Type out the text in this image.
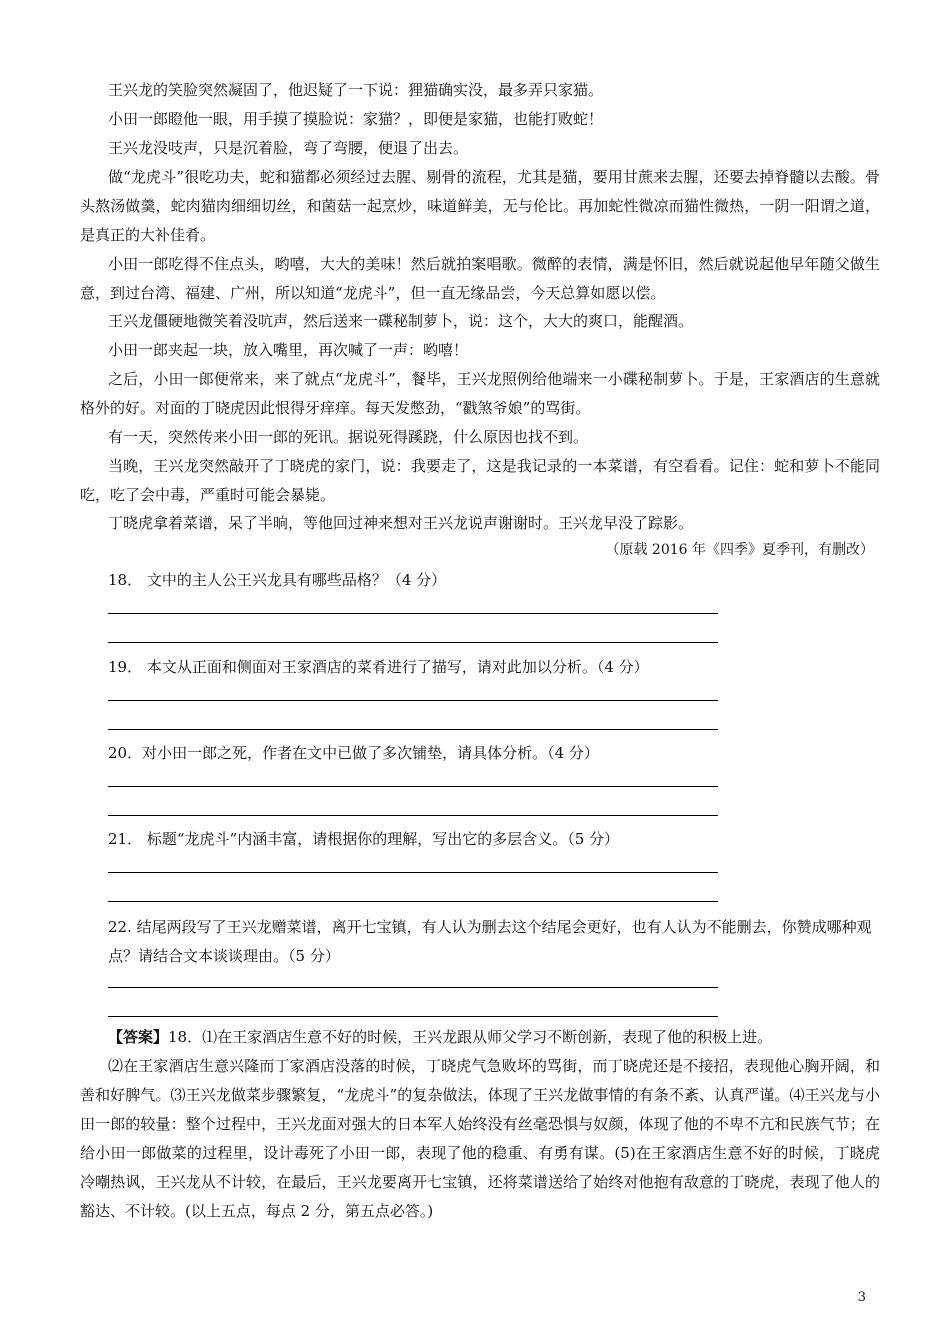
王兴龙的笑脸突然凝固了，他迟疑了一下说：狸猫确实没，最多弄只家猫。
小田一郎瞪他一眼，用手摸了摸脸说：家猫？，即便是家猫，也能打败蛇！
王兴龙没吱声，只是沉着脸，弯了弯腰，便退了出去。
做“龙虎斗”很吃功夫，蛇和猫都必须经过去腥、剔骨的流程，尤其是猫，要用甘蔗来去腥，还要去掉脊髓以去酸。骨头熬汤做羹，蛇肉猫肉细细切丝，和菌菇一起烹炒，味道鲜美，无与伦比。再加蛇性微凉而猫性微热，一阴一阳谓之道，是真正的大补佳肴。
小田一郎吃得不住点头，哟嘻，大大的美味！然后就拍案唱歌。微醉的表情，满是怀旧，然后就说起他早年随父做生意，到过台湾、福建、广州，所以知道“龙虎斗”，但一直无缘品尝，今天总算如愿以偿。
王兴龙僵硬地微笑着没吭声，然后送来一碟秘制萝卜，说：这个，大大的爽口，能醒酒。
小田一郎夹起一块，放入嘴里，再次喊了一声：哟嘻！
之后，小田一郎便常来，来了就点“龙虎斗”，餐毕，王兴龙照例给他端来一小碟秘制萝卜。于是，王家酒店的生意就格外的好。对面的丁晓虎因此恨得牙痒痒。每天发憋劲，“戳煞爷娘”的骂街。
有一天，突然传来小田一郎的死讯。据说死得蹊跷，什么原因也找不到。
当晚，王兴龙突然敲开了丁晓虎的家门，说：我要走了，这是我记录的一本菜谱，有空看看。记住：蛇和萝卜不能同吃，吃了会中毒，严重时可能会暴毙。
丁晓虎拿着菜谱，呆了半晌，等他回过神来想对王兴龙说声谢谢时。王兴龙早没了踪影。
（原载 2016 年《四季》夏季刊，有删改）
18． 文中的主人公王兴龙具有哪些品格？（4 分）
19． 本文从正面和侧面对王家酒店的菜肴进行了描写，请对此加以分析。（4 分）
20．对小田一郎之死，作者在文中已做了多次铺垫，请具体分析。（4 分）
21． 标题“龙虎斗”内涵丰富，请根据你的理解，写出它的多层含义。（5 分）
22. 结尾两段写了王兴龙赠菜谱，离开七宝镇，有人认为删去这个结尾会更好，也有人认为不能删去，你赞成哪种观点？请结合文本谈谈理由。（5 分）
【答案】18．⑴在王家酒店生意不好的时候，王兴龙跟从师父学习不断创新，表现了他的积极上进。
⑵在王家酒店生意兴隆而丁家酒店没落的时候，丁晓虎气急败坏的骂街，而丁晓虎还是不接招，表现他心胸开阔，和善和好脾气。⑶王兴龙做菜步骤繁复，“龙虎斗”的复杂做法，体现了王兴龙做事情的有条不紊、认真严谨。⑷王兴龙与小田一郎的较量：整个过程中，王兴龙面对强大的日本军人始终没有丝毫恐惧与奴颜，体现了他的不卑不亢和民族气节；在给小田一郎做菜的过程里，设计毒死了小田一郎，表现了他的稳重、有勇有谋。(5)在王家酒店生意不好的时候，丁晓虎冷嘲热讽，王兴龙从不计较，在最后，王兴龙要离开七宝镇，还将菜谱送给了始终对他抱有敌意的丁晓虎，表现了他人的豁达、不计较。(以上五点，每点 2 分，第五点必答。)
3
